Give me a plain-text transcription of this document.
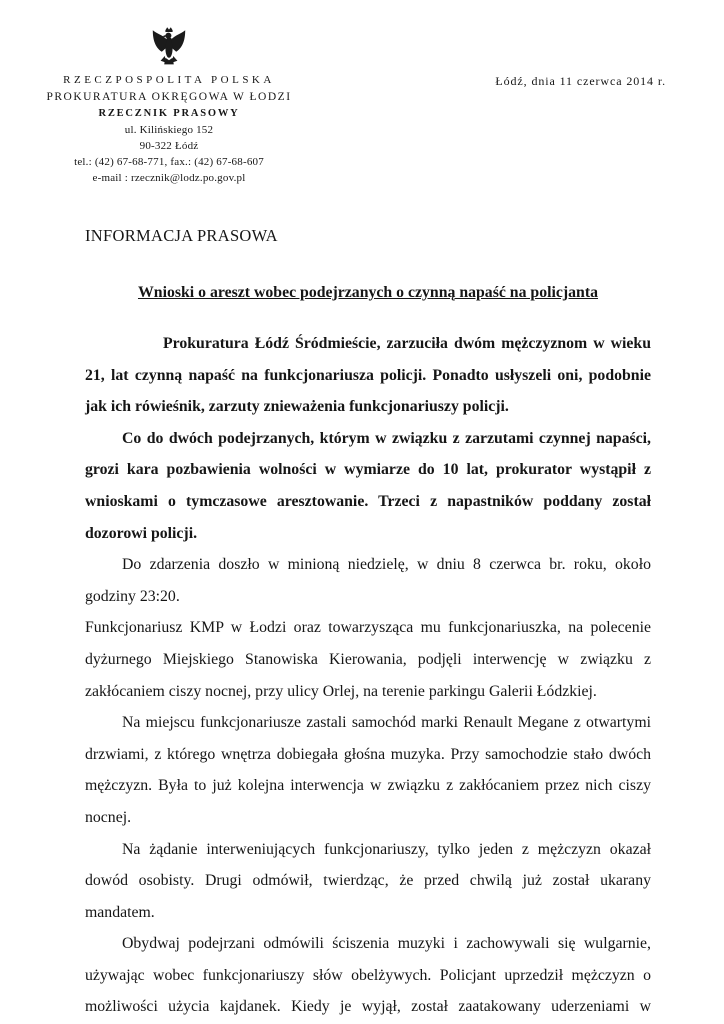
RZECZPOSPOLITA POLSKA
PROKURATURA OKRĘGOWA W ŁODZI
RZECZNIK PRASOWY
ul. Kilińskiego 152
90-322 Łódź
tel.: (42) 67-68-771, fax.: (42) 67-68-607
e-mail : rzecznik@lodz.po.gov.pl
Łódź, dnia 11 czerwca 2014 r.
INFORMACJA PRASOWA
Wnioski o areszt wobec podejrzanych o czynną napaść na policjanta

Prokuratura Łódź Śródmieście, zarzuciła dwóm mężczyznom w wieku 21, lat czynną napaść na funkcjonariusza policji. Ponadto usłyszeli oni, podobnie jak ich rówieśnik, zarzuty znieważenia funkcjonariuszy policji.

Co do dwóch podejrzanych, którym w związku z zarzutami czynnej napaści, grozi kara pozbawienia wolności w wymiarze do 10 lat, prokurator wystąpił z wnioskami o tymczasowe aresztowanie. Trzeci z napastników poddany został dozorowi policji.

Do zdarzenia doszło w minioną niedzielę, w dniu 8 czerwca br. roku, około godziny 23:20.

Funkcjonariusz KMP w Łodzi oraz towarzysząca mu funkcjonariuszka, na polecenie dyżurnego Miejskiego Stanowiska Kierowania, podjęli interwencję w związku z zakłócaniem ciszy nocnej, przy ulicy Orlej, na terenie parkingu Galerii Łódzkiej.

Na miejscu funkcjonariusze zastali samochód marki Renault Megane z otwartymi drzwiami, z którego wnętrza dobiegała głośna muzyka. Przy samochodzie stało dwóch mężczyzn. Była to już kolejna interwencja w związku z zakłócaniem przez nich ciszy nocnej.

Na żądanie interweniujących funkcjonariuszy, tylko jeden z mężczyzn okazał dowód osobisty. Drugi odmówił, twierdząc, że przed chwilą już został ukarany mandatem.

Obydwaj podejrzani odmówili ściszenia muzyki i zachowywali się wulgarnie, używając wobec funkcjonariuszy słów obelżywych. Policjant uprzedził mężczyzn o możliwości użycia kajdanek. Kiedy je wyjął, został zaatakowany uderzeniami w
